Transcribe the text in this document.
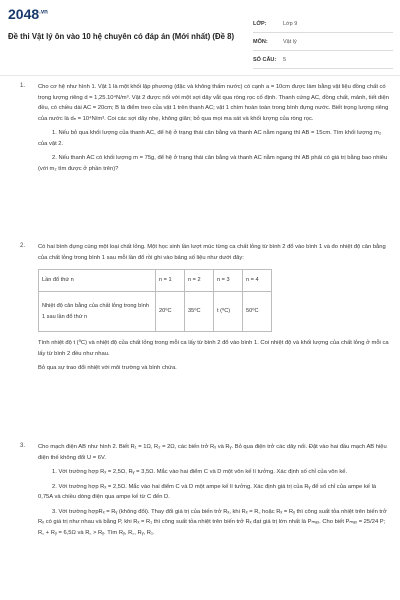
$2048^{.vn}$
Đề thi Vật lý ôn vào 10 hệ chuyên có đáp án (Mới nhất) (Đề 8)
LỚP:	Lớp 9
MÔN:	Vật lý
SỐ CÂU:	5
1. Cho cơ hệ như hình 1. Vật 1 là một khối lập phương (đặc và không thấm nước) có cạnh a = 10cm được làm bằng vật liệu đồng chất có trọng lượng riêng d = 1,25.10⁴N/m³. Vật 2 được nối với một sợi dây vắt qua ròng rọc cố định. Thanh cứng AC, đồng chất, mảnh, tiết diện đều, có chiều dài AC = 20cm; B là điểm treo của vật 1 trên thanh AC; vật 1 chìm hoàn toàn trong bình đựng nước. Biết trọng lượng riêng của nước là dₙ = 10⁴N/m³. Coi các sợi dây nhẹ, không giãn; bỏ qua mọi ma sát và khối lượng của ròng rọc.

1. Nếu bỏ qua khối lượng của thanh AC, để hệ ở trạng thái cân bằng và thanh AC nằm ngang thì AB = 15cm. Tìm khối lượng m₂ của vật 2.

2. Nếu thanh AC có khối lượng m = 75g, để hệ ở trạng thái cân bằng và thanh AC nằm ngang thì AB phải có giá trị bằng bao nhiêu (với m₂ tìm được ở phần trên)?

2. Có hai bình đựng cùng một loại chất lỏng. Một học sinh lần lượt múc từng ca chất lỏng từ bình 2 đổ vào bình 1 và đo nhiệt độ cân bằng của chất lỏng trong bình 1 sau mỗi lần đổ rồi ghi vào bảng số liệu như dưới đây:

Lần đổ thứ n	n = 1	n = 2	n = 3	n = 4
Nhiệt độ cân bằng của chất lỏng trong bình 1 sau lần đổ thứ n	20⁰C	35⁰C	t (⁰C)	50⁰C

Tính nhiệt độ t (⁰C) và nhiệt độ của chất lỏng trong mỗi ca lấy từ bình 2 đổ vào bình 1. Coi nhiệt độ và khối lượng của chất lỏng ở mỗi ca lấy từ bình 2 đều như nhau.

Bỏ qua sự trao đổi nhiệt với môi trường và bình chứa.

3. Cho mạch điện AB như hình 2. Biết R₁ = 1Ω, R₂ = 2Ω, các biến trở Rₓ và Rᵧ. Bỏ qua điện trở các dây nối. Đặt vào hai đầu mạch AB hiệu điện thế không đổi U = 6V.

1. Với trường hợp Rₓ = 2,5Ω, Rᵧ = 3,5Ω. Mắc vào hai điểm C và D một vôn kế lí tưởng. Xác định số chỉ của vôn kế.

2. Với trường hợp Rₓ = 2,5Ω. Mắc vào hai điểm C và D một ampe kế lí tưởng. Xác định giá trị của Rᵧ để số chỉ của ampe kế là 0,75A và chiều dòng điện qua ampe kế từ C đến D.

3. Với trường hợpRₓ = Rᵧ (không đổi). Thay đổi giá trị của biến trở Rₓ, khi Rₓ = R꜀ hoặc Rₓ = Rᵧ thì công suất tỏa nhiệt trên biến trở Rₓ có giá trị như nhau và bằng P, khi Rₓ = R₁ thì công suất tỏa nhiệt trên biến trở Rₓ đạt giá trị lớn nhất là Pₘₐₓ. Cho biết Pₘₐₓ = 25/24 P; R꜀ + Rᵧ = 6,5Ω và R꜀ > Rᵧ. Tìm Rᵧ, R꜀, Rᵧ, R₁.
